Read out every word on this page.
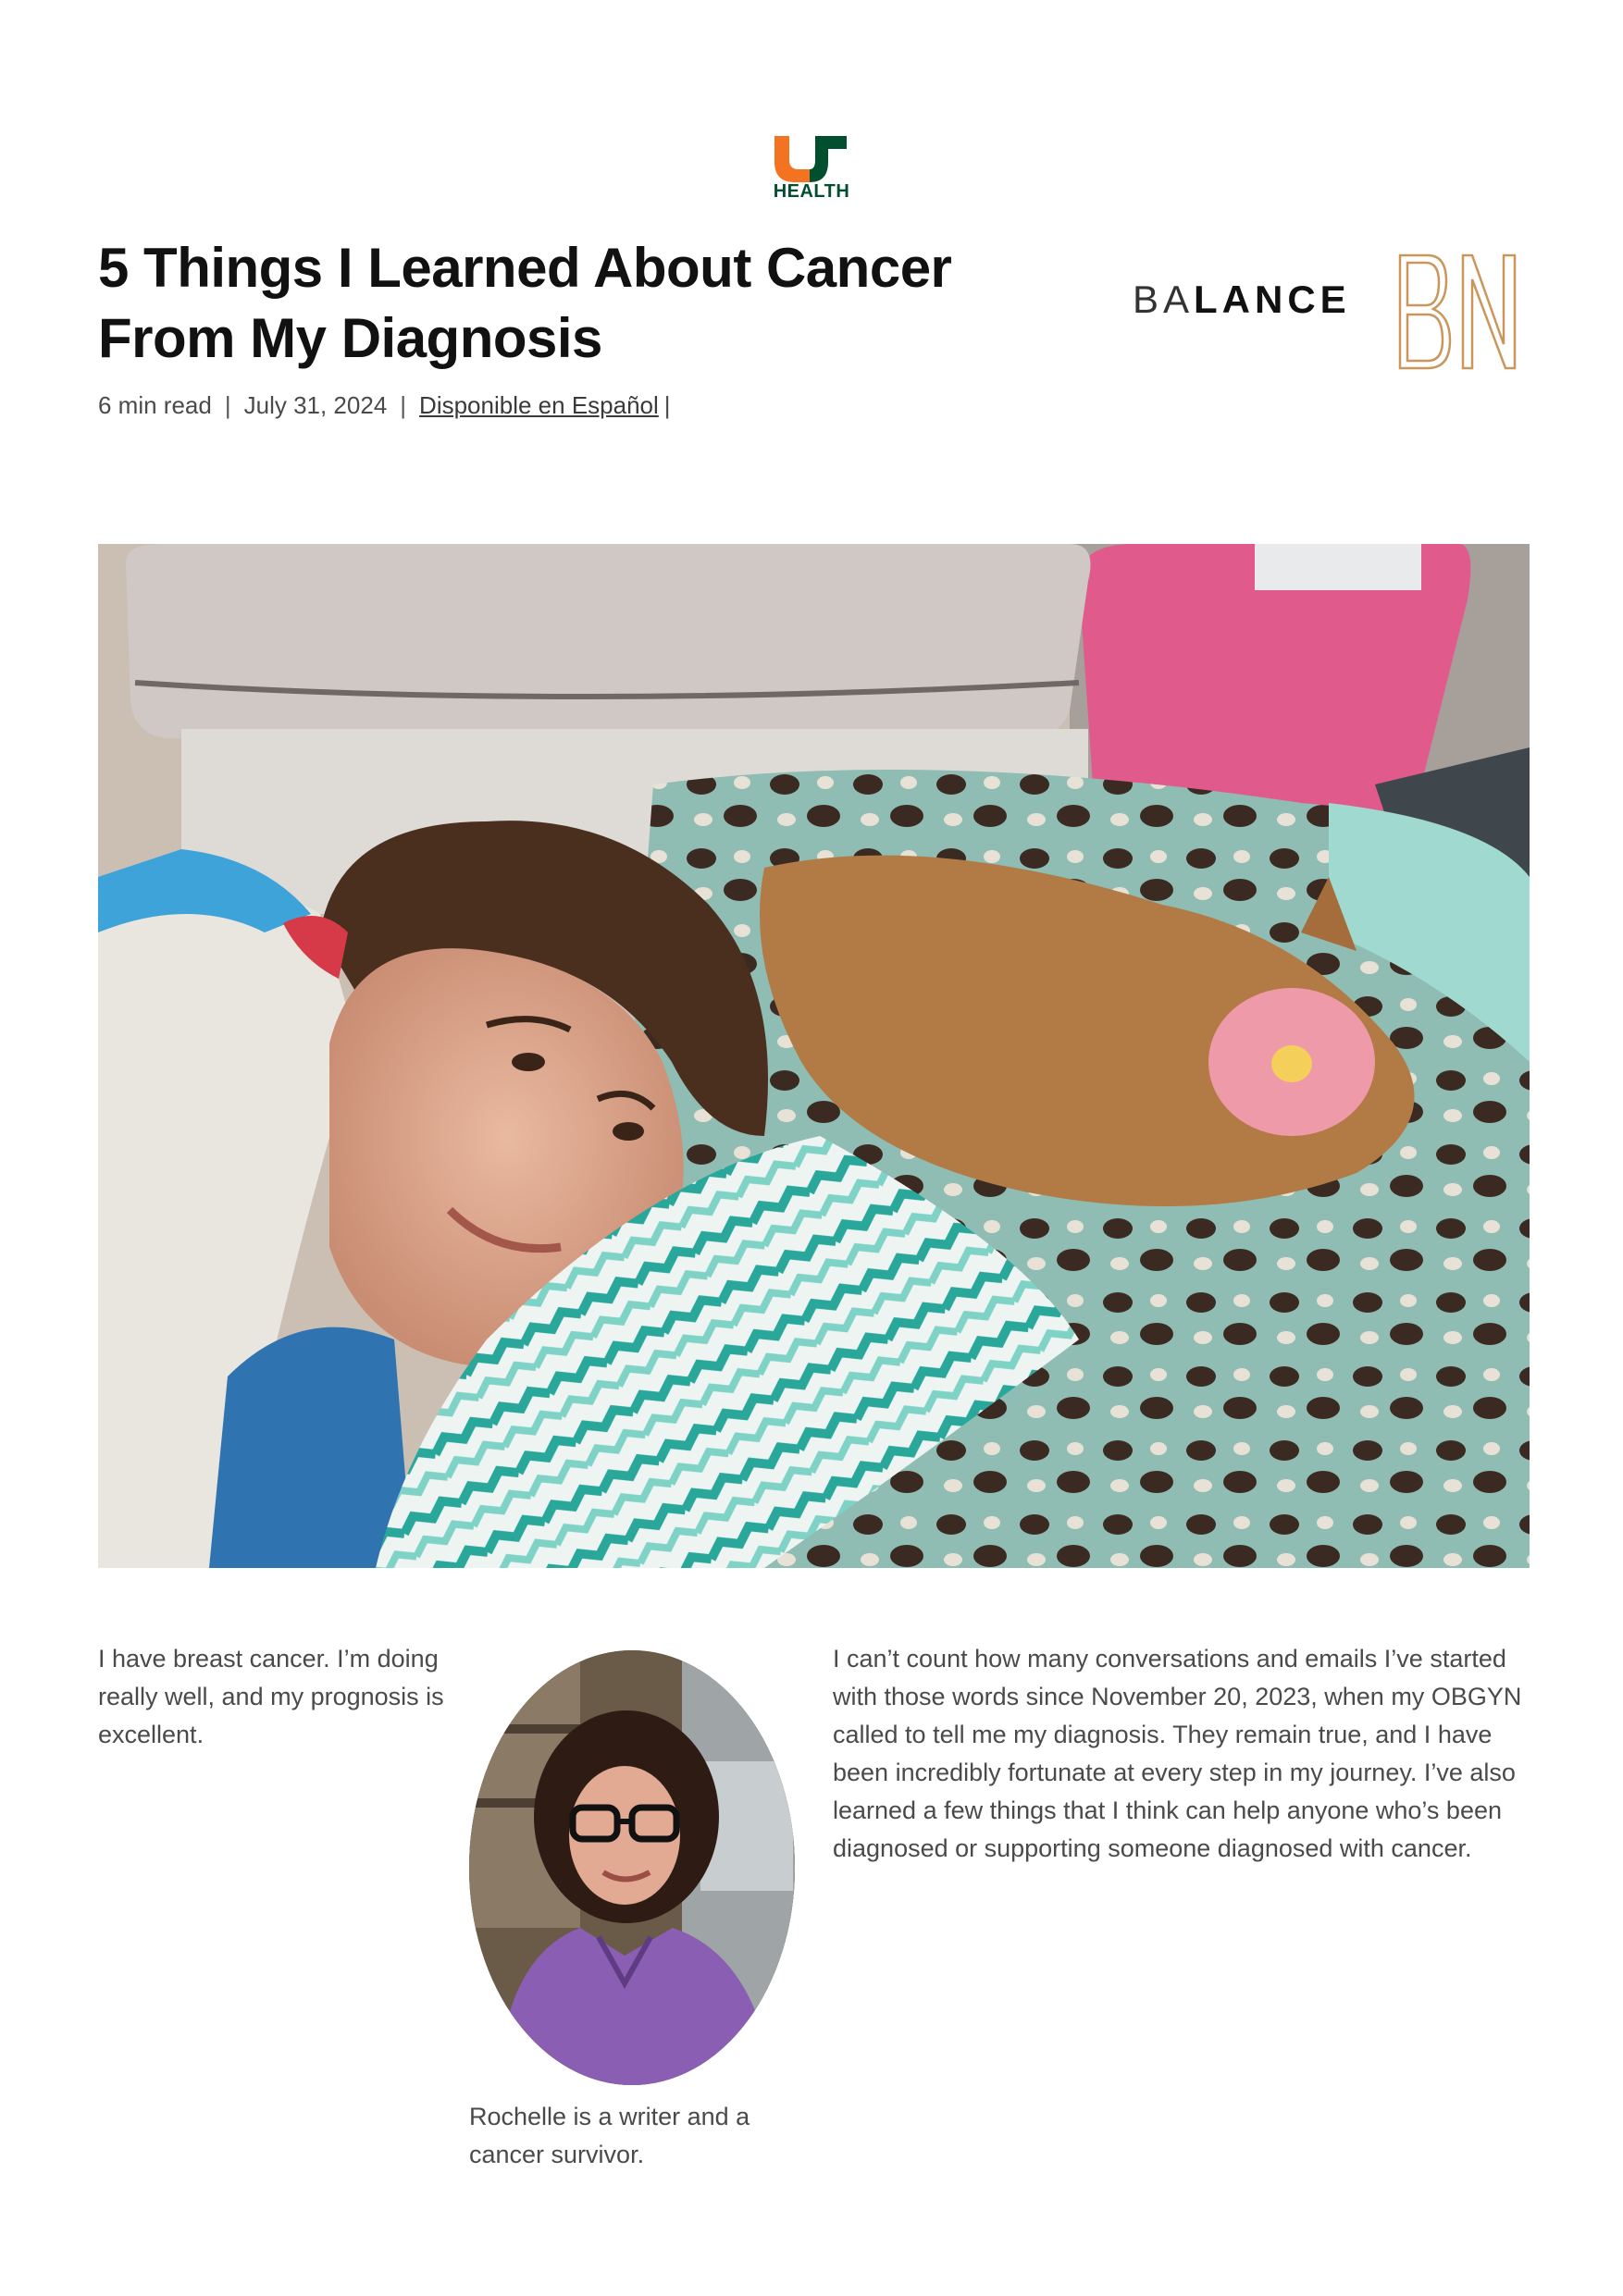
HEALTH
5 Things I Learned About Cancer From My Diagnosis
BALANCE
6 min read | July 31, 2024 | Disponible en Español |

I have breast cancer. I’m doing really well, and my prognosis is excellent.

Rochelle is a writer and a cancer survivor.

I can’t count how many conversations and emails I’ve started with those words since November 20, 2023, when my OBGYN called to tell me my diagnosis. They remain true, and I have been incredibly fortunate at every step in my journey. I’ve also learned a few things that I think can help anyone who’s been diagnosed or supporting someone diagnosed with cancer.
